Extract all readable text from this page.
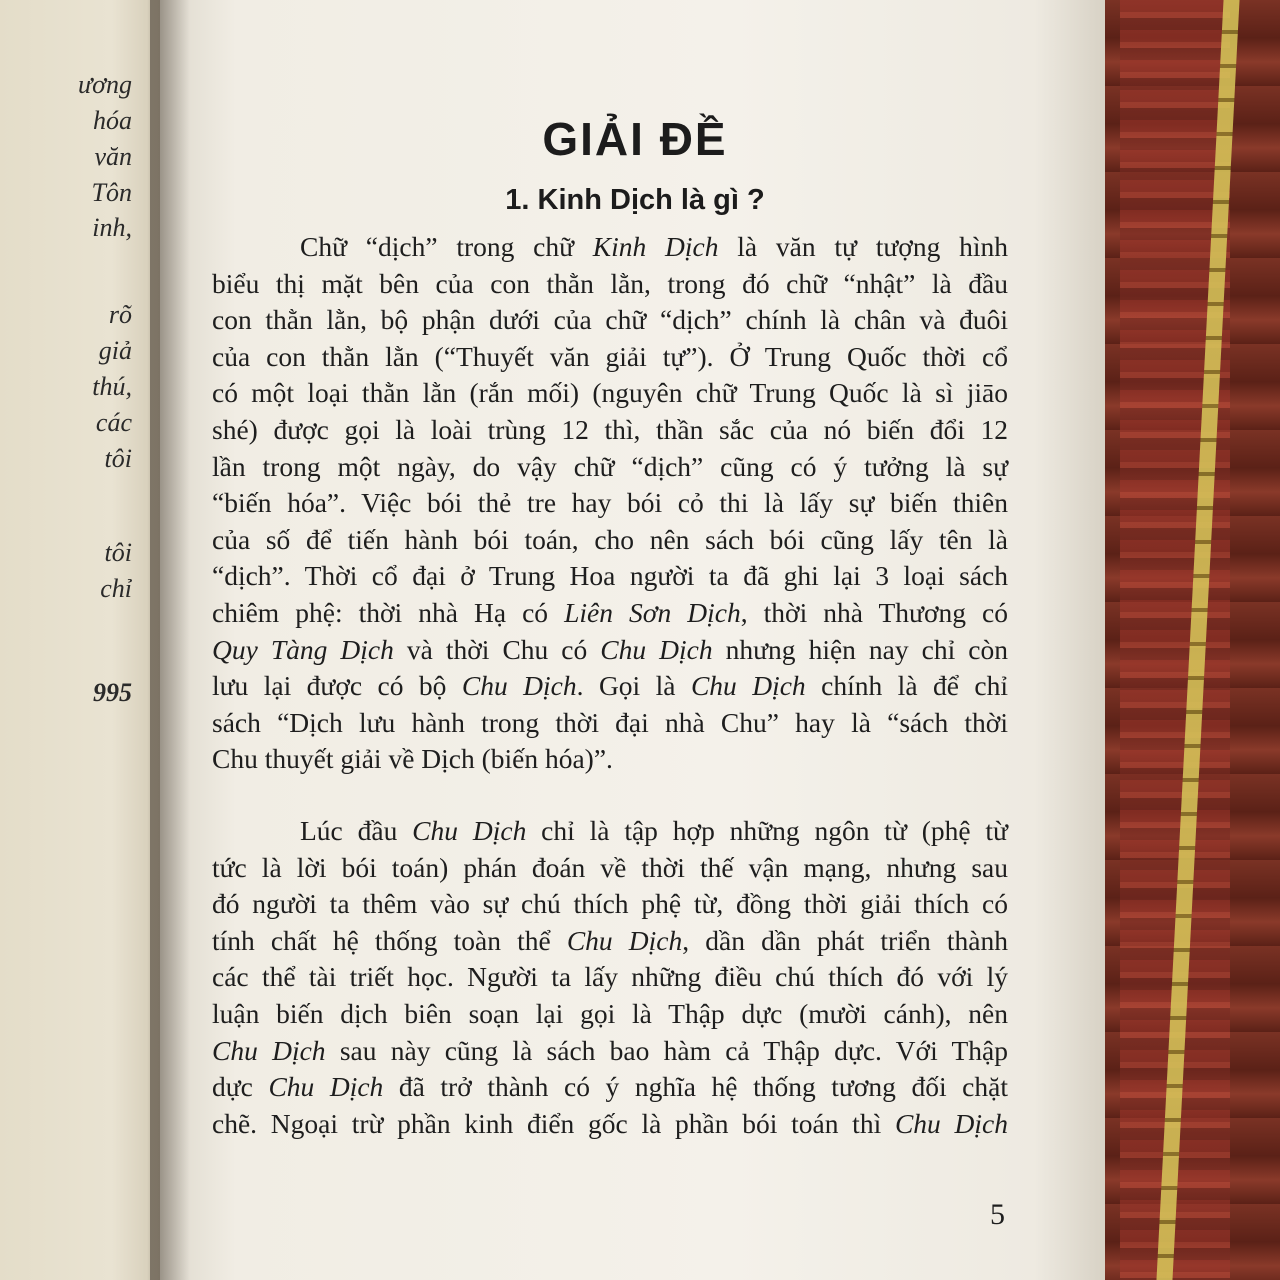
ương
hóa
văn
Tôn
inh,
rõ
giả
thú,
các
tôi
tôi
chỉ
995
GIẢI ĐỀ
1. Kinh Dịch là gì ?
Chữ “dịch” trong chữ Kinh Dịch là văn tự tượng hình
biểu thị mặt bên của con thằn lằn, trong đó chữ “nhật” là đầu
con thằn lằn, bộ phận dưới của chữ “dịch” chính là chân và đuôi
của con thằn lằn (“Thuyết văn giải tự”). Ở Trung Quốc thời cổ
có một loại thằn lằn (rắn mối) (nguyên chữ Trung Quốc là sì jiāo
shé) được gọi là loài trùng 12 thì, thần sắc của nó biến đổi 12
lần trong một ngày, do vậy chữ “dịch” cũng có ý tưởng là sự
“biến hóa”. Việc bói thẻ tre hay bói cỏ thi là lấy sự biến thiên
của số để tiến hành bói toán, cho nên sách bói cũng lấy tên là
“dịch”. Thời cổ đại ở Trung Hoa người ta đã ghi lại 3 loại sách
chiêm phệ: thời nhà Hạ có Liên Sơn Dịch, thời nhà Thương có
Quy Tàng Dịch và thời Chu có Chu Dịch nhưng hiện nay chỉ còn
lưu lại được có bộ Chu Dịch. Gọi là Chu Dịch chính là để chỉ
sách “Dịch lưu hành trong thời đại nhà Chu” hay là “sách thời
Chu thuyết giải về Dịch (biến hóa)”.
Lúc đầu Chu Dịch chỉ là tập hợp những ngôn từ (phệ từ
tức là lời bói toán) phán đoán về thời thế vận mạng, nhưng sau
đó người ta thêm vào sự chú thích phệ từ, đồng thời giải thích có
tính chất hệ thống toàn thể Chu Dịch, dần dần phát triển thành
các thể tài triết học. Người ta lấy những điều chú thích đó với lý
luận biến dịch biên soạn lại gọi là Thập dực (mười cánh), nên
Chu Dịch sau này cũng là sách bao hàm cả Thập dực. Với Thập
dực Chu Dịch đã trở thành có ý nghĩa hệ thống tương đối chặt
chẽ. Ngoại trừ phần kinh điển gốc là phần bói toán thì Chu Dịch
5
